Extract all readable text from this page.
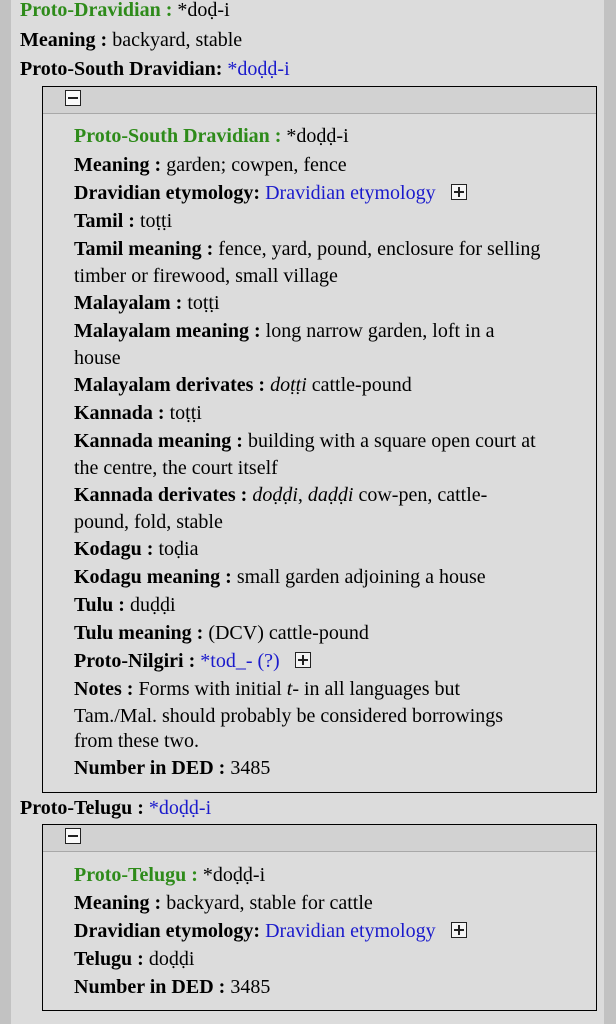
Proto-Dravidian : *doḍ-i
Meaning : backyard, stable
Proto-South Dravidian: *doḍḍ-i
Proto-South Dravidian : *doḍḍ-i
Meaning : garden; cowpen, fence
Dravidian etymology: Dravidian etymology
Tamil : toṭṭi
Tamil meaning : fence, yard, pound, enclosure for selling
timber or firewood, small village
Malayalam : toṭṭi
Malayalam meaning : long narrow garden, loft in a
house
Malayalam derivates : doṭṭi cattle-pound
Kannada : toṭṭi
Kannada meaning : building with a square open court at
the centre, the court itself
Kannada derivates : doḍḍi, daḍḍi cow-pen, cattle-
pound, fold, stable
Kodagu : toḍia
Kodagu meaning : small garden adjoining a house
Tulu : duḍḍi
Tulu meaning : (DCV) cattle-pound
Proto-Nilgiri : *tod_- (?)
Notes : Forms with initial t- in all languages but
Tam./Mal. should probably be considered borrowings
from these two.
Number in DED : 3485
Proto-Telugu : *doḍḍ-i
Proto-Telugu : *doḍḍ-i
Meaning : backyard, stable for cattle
Dravidian etymology: Dravidian etymology
Telugu : doḍḍi
Number in DED : 3485
